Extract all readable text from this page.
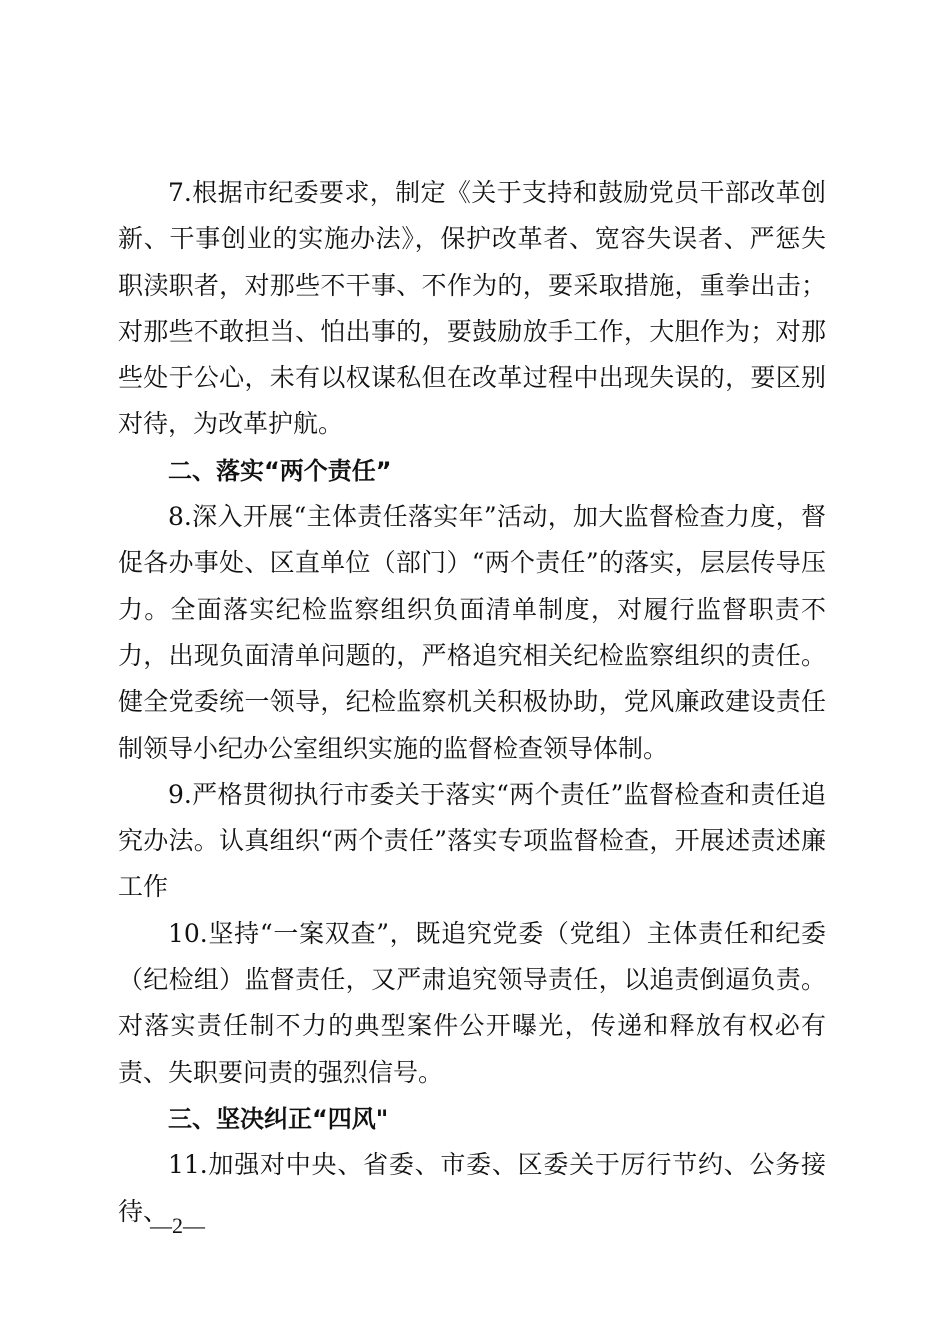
7.根据市纪委要求，制定《关于支持和鼓励党员干部改革创新、干事创业的实施办法》，保护改革者、宽容失误者、严惩失职渎职者，对那些不干事、不作为的，要采取措施，重拳出击；对那些不敢担当、怕出事的，要鼓励放手工作，大胆作为；对那些处于公心，未有以权谋私但在改革过程中出现失误的，要区别对待，为改革护航。

二、落实“两个责任”

8.深入开展“主体责任落实年”活动，加大监督检查力度，督促各办事处、区直单位（部门）“两个责任”的落实，层层传导压力。全面落实纪检监察组织负面清单制度，对履行监督职责不力，出现负面清单问题的，严格追究相关纪检监察组织的责任。健全党委统一领导，纪检监察机关积极协助，党风廉政建设责任制领导小纪办公室组织实施的监督检查领导体制。

9.严格贯彻执行市委关于落实“两个责任”监督检查和责任追究办法。认真组织“两个责任”落实专项监督检查，开展述责述廉工作

10.坚持“一案双查”，既追究党委（党组）主体责任和纪委（纪检组）监督责任，又严肃追究领导责任，以追责倒逼负责。对落实责任制不力的典型案件公开曝光，传递和释放有权必有责、失职要问责的强烈信号。

三、坚决纠正“四风"

11.加强对中央、省委、市委、区委关于厉行节约、公务接待、

—2—
